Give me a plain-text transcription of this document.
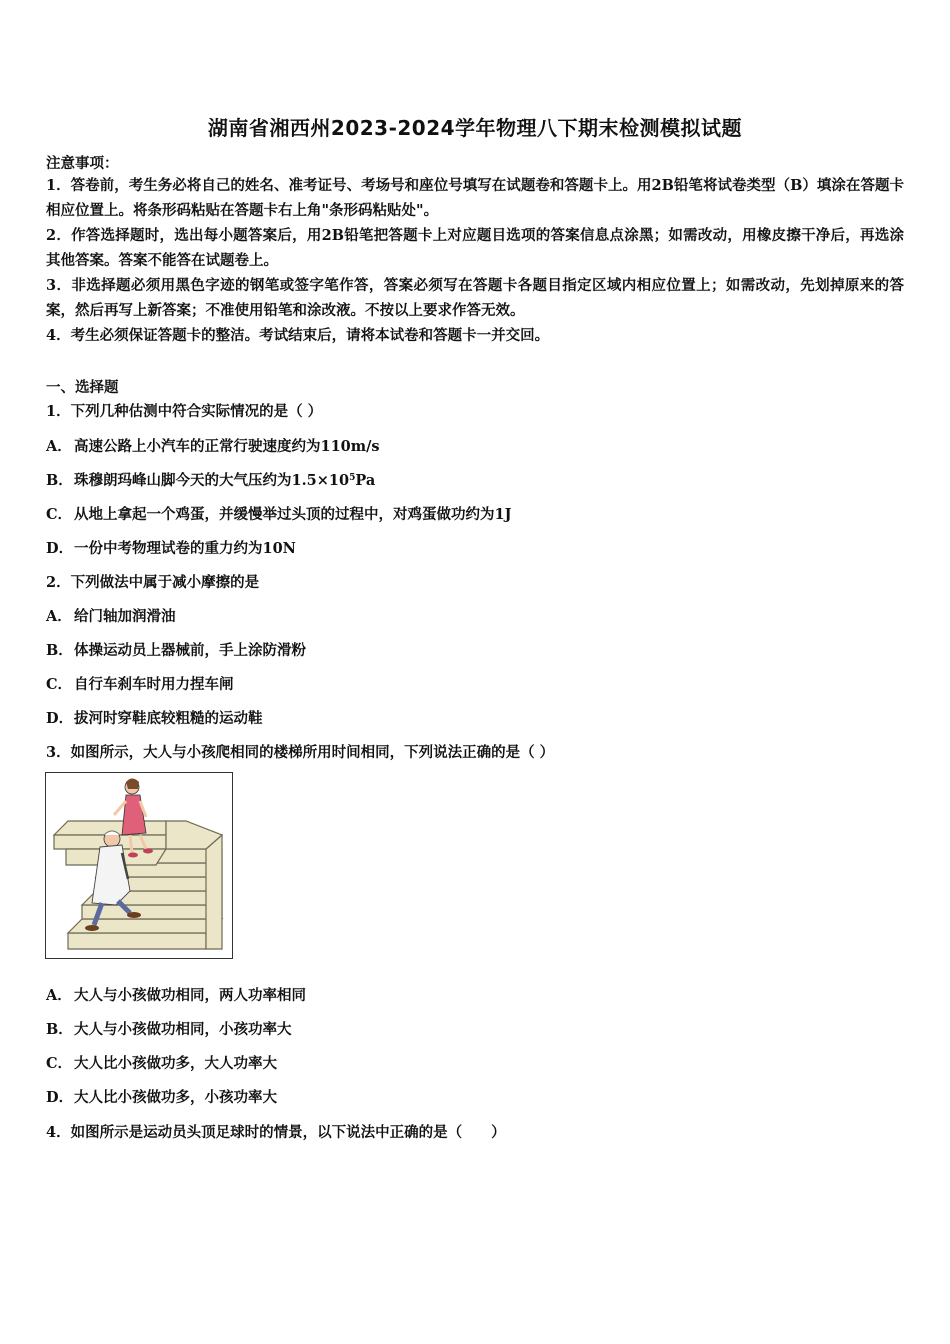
湖南省湘西州2023-2024学年物理八下期末检测模拟试题
注意事项：
1．答卷前，考生务必将自己的姓名、准考证号、考场号和座位号填写在试题卷和答题卡上。用2B铅笔将试卷类型（B）填涂在答题卡相应位置上。将条形码粘贴在答题卡右上角"条形码粘贴处"。
2．作答选择题时，选出每小题答案后，用2B铅笔把答题卡上对应题目选项的答案信息点涂黑；如需改动，用橡皮擦干净后，再选涂其他答案。答案不能答在试题卷上。
3．非选择题必须用黑色字迹的钢笔或签字笔作答，答案必须写在答题卡各题目指定区域内相应位置上；如需改动，先划掉原来的答案，然后再写上新答案；不准使用铅笔和涂改液。不按以上要求作答无效。
4．考生必须保证答题卡的整洁。考试结束后，请将本试卷和答题卡一并交回。
一、选择题
1．下列几种估测中符合实际情况的是（ ）
A． 高速公路上小汽车的正常行驶速度约为110m/s
B．珠穆朗玛峰山脚今天的大气压约为$1.5\times 10^5Pa$
C． 从地上拿起一个鸡蛋，并缓慢举过头顶的过程中，对鸡蛋做功约为1J
D．一份中考物理试卷的重力约为10N
2．下列做法中属于减小摩擦的是
A． 给门轴加润滑油
B．体操运动员上器械前，手上涂防滑粉
C． 自行车刹车时用力捏车闸
D．拔河时穿鞋底较粗糙的运动鞋
3．如图所示，大人与小孩爬相同的楼梯所用时间相同，下列说法正确的是（ ）
A． 大人与小孩做功相同，两人功率相同
B．大人与小孩做功相同，小孩功率大
C． 大人比小孩做功多，大人功率大
D．大人比小孩做功多，小孩功率大
4．如图所示是运动员头顶足球时的情景，以下说法中正确的是（　　）
